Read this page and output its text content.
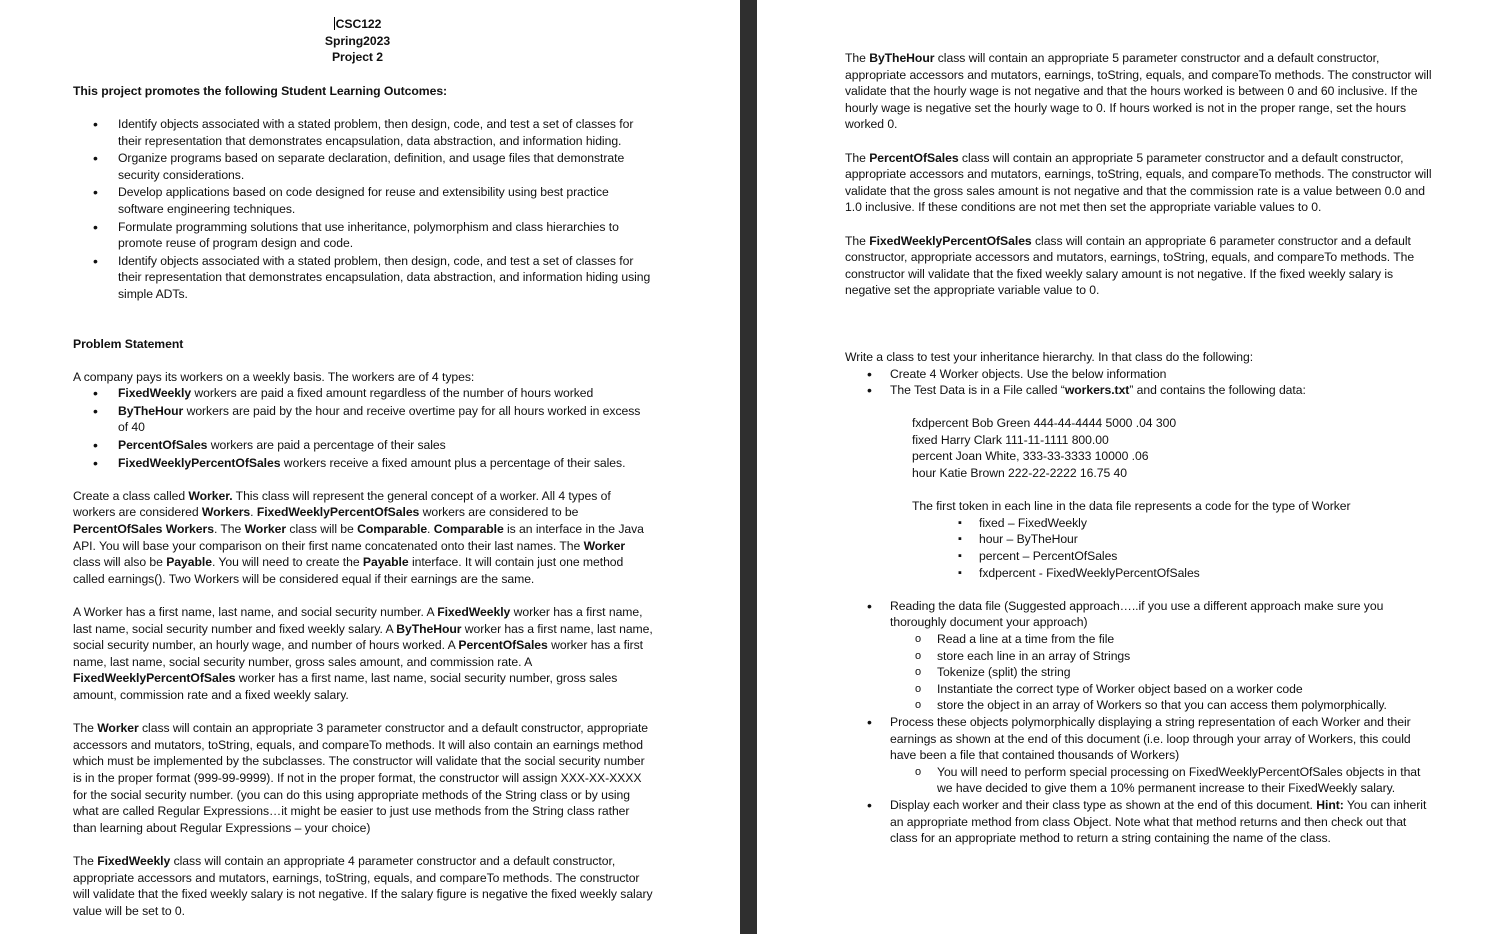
CSC122
Spring2023
Project 2

This project promotes the following Student Learning Outcomes:

• Identify objects associated with a stated problem, then design, code, and test a set of classes for their representation that demonstrates encapsulation, data abstraction, and information hiding.
• Organize programs based on separate declaration, definition, and usage files that demonstrate security considerations.
• Develop applications based on code designed for reuse and extensibility using best practice software engineering techniques.
• Formulate programming solutions that use inheritance, polymorphism and class hierarchies to promote reuse of program design and code.
• Identify objects associated with a stated problem, then design, code, and test a set of classes for their representation that demonstrates encapsulation, data abstraction, and information hiding using simple ADTs.

Problem Statement

A company pays its workers on a weekly basis. The workers are of 4 types:
• FixedWeekly workers are paid a fixed amount regardless of the number of hours worked
• ByTheHour workers are paid by the hour and receive overtime pay for all hours worked in excess of 40
• PercentOfSales workers are paid a percentage of their sales
• FixedWeeklyPercentOfSales workers receive a fixed amount plus a percentage of their sales.

Create a class called Worker. This class will represent the general concept of a worker. All 4 types of workers are considered Workers. FixedWeeklyPercentOfSales workers are considered to be PercentOfSales Workers. The Worker class will be Comparable. Comparable is an interface in the Java API. You will base your comparison on their first name concatenated onto their last names. The Worker class will also be Payable. You will need to create the Payable interface. It will contain just one method called earnings(). Two Workers will be considered equal if their earnings are the same.

A Worker has a first name, last name, and social security number. A FixedWeekly worker has a first name, last name, social security number and fixed weekly salary. A ByTheHour worker has a first name, last name, social security number, an hourly wage, and number of hours worked. A PercentOfSales worker has a first name, last name, social security number, gross sales amount, and commission rate. A FixedWeeklyPercentOfSales worker has a first name, last name, social security number, gross sales amount, commission rate and a fixed weekly salary.

The Worker class will contain an appropriate 3 parameter constructor and a default constructor, appropriate accessors and mutators, toString, equals, and compareTo methods. It will also contain an earnings method which must be implemented by the subclasses. The constructor will validate that the social security number is in the proper format (999-99-9999). If not in the proper format, the constructor will assign XXX-XX-XXXX for the social security number. (you can do this using appropriate methods of the String class or by using what are called Regular Expressions…it might be easier to just use methods from the String class rather than learning about Regular Expressions – your choice)

The FixedWeekly class will contain an appropriate 4 parameter constructor and a default constructor, appropriate accessors and mutators, earnings, toString, equals, and compareTo methods. The constructor will validate that the fixed weekly salary is not negative. If the salary figure is negative the fixed weekly salary value will be set to 0.

The ByTheHour class will contain an appropriate 5 parameter constructor and a default constructor, appropriate accessors and mutators, earnings, toString, equals, and compareTo methods. The constructor will validate that the hourly wage is not negative and that the hours worked is between 0 and 60 inclusive. If the hourly wage is negative set the hourly wage to 0. If hours worked is not in the proper range, set the hours worked 0.

The PercentOfSales class will contain an appropriate 5 parameter constructor and a default constructor, appropriate accessors and mutators, earnings, toString, equals, and compareTo methods. The constructor will validate that the gross sales amount is not negative and that the commission rate is a value between 0.0 and 1.0 inclusive. If these conditions are not met then set the appropriate variable values to 0.

The FixedWeeklyPercentOfSales class will contain an appropriate 6 parameter constructor and a default constructor, appropriate accessors and mutators, earnings, toString, equals, and compareTo methods. The constructor will validate that the fixed weekly salary amount is not negative. If the fixed weekly salary is negative set the appropriate variable value to 0.

Write a class to test your inheritance hierarchy. In that class do the following:
• Create 4 Worker objects. Use the below information
• The Test Data is in a File called “workers.txt” and contains the following data:
fxdpercent Bob Green 444-44-4444 5000 .04 300
fixed Harry Clark 111-11-1111 800.00
percent Joan White, 333-33-3333 10000 .06
hour Katie Brown 222-22-2222 16.75 40
The first token in each line in the data file represents a code for the type of Worker
▪ fixed – FixedWeekly
▪ hour – ByTheHour
▪ percent – PercentOfSales
▪ fxdpercent - FixedWeeklyPercentOfSales
• Reading the data file (Suggested approach…..if you use a different approach make sure you thoroughly document your approach)
o Read a line at a time from the file
o store each line in an array of Strings
o Tokenize (split) the string
o Instantiate the correct type of Worker object based on a worker code
o store the object in an array of Workers so that you can access them polymorphically.
• Process these objects polymorphically displaying a string representation of each Worker and their earnings as shown at the end of this document (i.e. loop through your array of Workers, this could have been a file that contained thousands of Workers)
o You will need to perform special processing on FixedWeeklyPercentOfSales objects in that we have decided to give them a 10% permanent increase to their FixedWeekly salary.
• Display each worker and their class type as shown at the end of this document. Hint: You can inherit an appropriate method from class Object. Note what that method returns and then check out that class for an appropriate method to return a string containing the name of the class.
